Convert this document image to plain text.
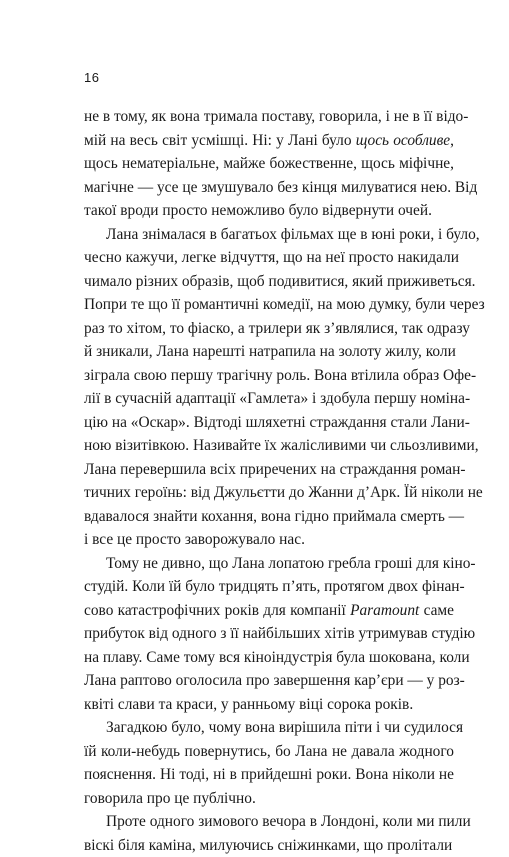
16
не в тому, як вона тримала поставу, говорила, і не в її відо-
мій на весь світ усмішці. Ні: у Лані було щось особливе,
щось нематеріальне, майже божественне, щось міфічне,
магічне — усе це змушувало без кінця милуватися нею. Від
такої вроди просто неможливо було відвернути очей.
Лана знімалася в багатьох фільмах ще в юні роки, і було,
чесно кажучи, легке відчуття, що на неї просто накидали
чимало різних образів, щоб подивитися, який приживеться.
Попри те що її романтичні комедії, на мою думку, були через
раз то хітом, то фіаско, а трилери як з’являлися, так одразу
й зникали, Лана нарешті натрапила на золоту жилу, коли
зіграла свою першу трагічну роль. Вона втілила образ Офе-
лії в сучасній адаптації «Гамлета» і здобула першу номіна-
цію на «Оскар». Відтоді шляхетні страждання стали Лани-
ною візитівкою. Називайте їх жалісливими чи сльозливими,
Лана перевершила всіх приречених на страждання роман-
тичних героїнь: від Джульєтти до Жанни д’Арк. Їй ніколи не
вдавалося знайти кохання, вона гідно приймала смерть —
і все це просто заворожувало нас.
Тому не дивно, що Лана лопатою гребла гроші для кіно-
студій. Коли їй було тридцять п’ять, протягом двох фінан-
сово катастрофічних років для компанії Paramount саме
прибуток від одного з її найбільших хітів утримував студію
на плаву. Саме тому вся кіноіндустрія була шокована, коли
Лана раптово оголосила про завершення кар’єри — у роз-
квіті слави та краси, у ранньому віці сорока років.
Загадкою було, чому вона вирішила піти і чи судилося
їй коли-небудь повернутись, бо Лана не давала жодного
пояснення. Ні тоді, ні в прийдешні роки. Вона ніколи не
говорила про це публічно.
Проте одного зимового вечора в Лондоні, коли ми пили
віскі біля каміна, милуючись сніжинками, що пролітали
